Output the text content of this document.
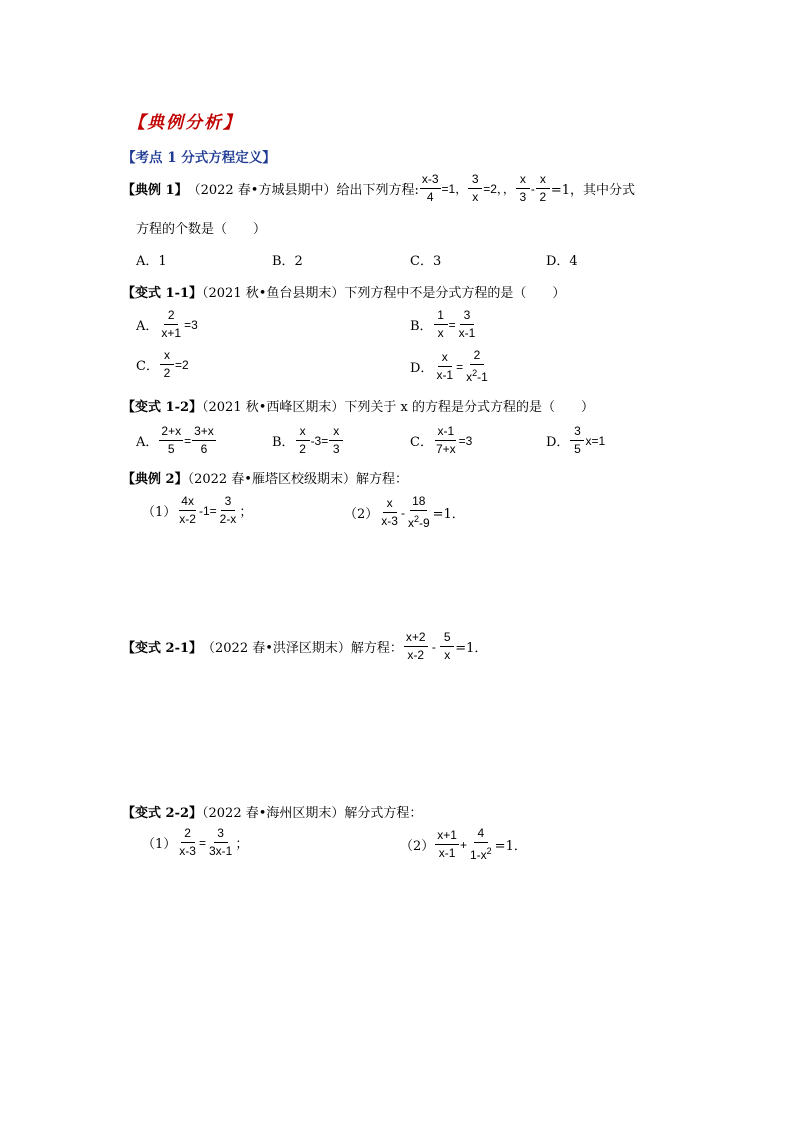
【典例分析】
【考点 1 分式方程定义】
【典例 1】 （2022 春•方城县期中）给出下列方程: $\frac{x-3}{4} =1$， $\frac{3}{x} =2$，， $\frac{x}{3} - \frac{x}{2} =1$，其中分式
方程的个数是（　　）
A．1	B．2	C．3	D．4
【变式 1-1】（2021 秋•鱼台县期末）下列方程中不是分式方程的是（　　）
A． $\frac{2}{x+1} =3$	B． $\frac{1}{x} = \frac{3}{x-1}$
C． $\frac{x}{2} =2$	D． $\frac{x}{x-1} = \frac{2}{x^2-1}$
【变式 1-2】（2021 秋•西峰区期末）下列关于 x 的方程是分式方程的是（　　）
A． $\frac{2+x}{5} = \frac{3+x}{6}$	B． $\frac{x}{2} -3= \frac{x}{3}$	C． $\frac{x-1}{7+x} =3$	D． $\frac{3}{5} x=1$
【典例 2】（2022 春•雁塔区校级期末）解方程：
$(1) \frac{4x}{x-2} -1= \frac{3}{2-x}$ ；	$(2) \frac{x}{x-3} - \frac{18}{x^2-9} =1$．
【变式 2-1】 （2022 春•洪泽区期末）解方程： $\frac{x+2}{x-2} - \frac{5}{x} =1$．
【变式 2-2】（2022 春•海州区期末）解分式方程：
$(1) \frac{2}{x-3} = \frac{3}{3x-1}$ ；	$(2) \frac{x+1}{x-1} + \frac{4}{1-x^2} =1$．
